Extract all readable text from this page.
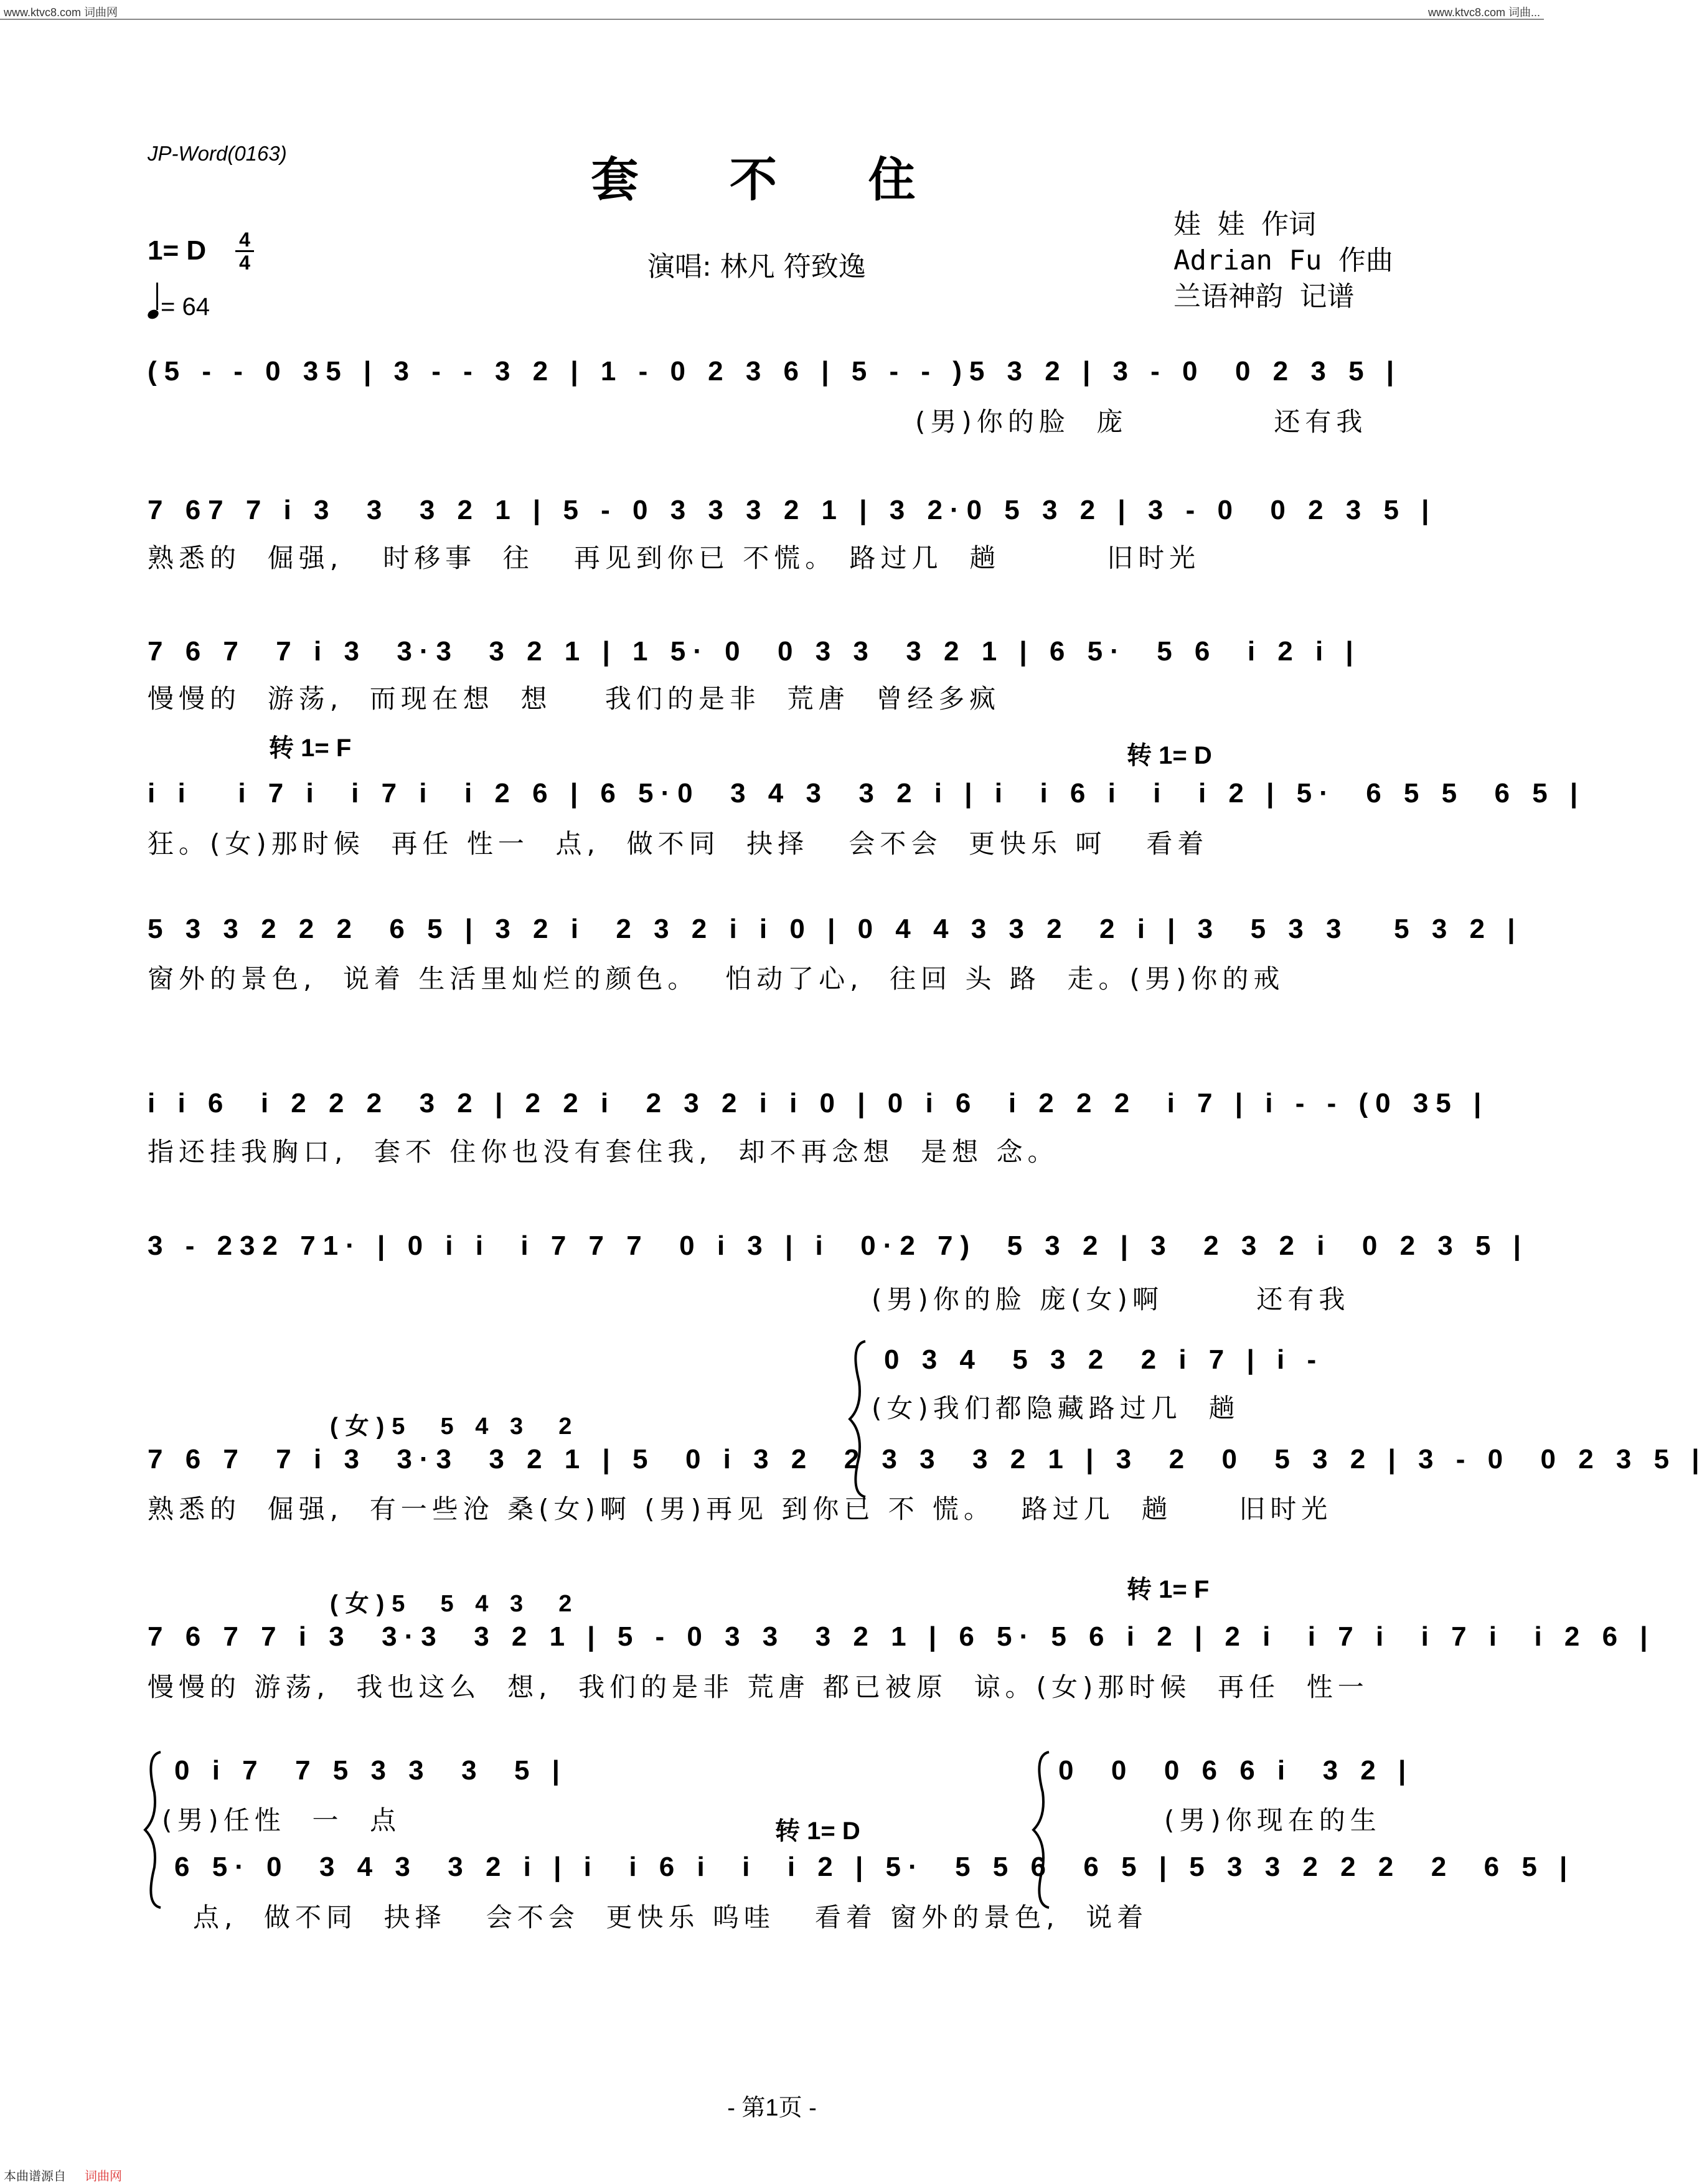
www.ktvc8.com 词曲网	www.ktvc8.com 词曲...
JP-Word(0163)	套 不 住
1= D 4
4
= 64
演唱: 林凡 符致逸
娃 娃 作词
Adrian Fu 作曲
兰语神韵 记谱
(5 - - 0 35 | 3 - - 3 2 | 1 - 0 2 3 6 | 5 - - )5 3 2 | 3 - 0  0 2 3 5 |
(男)你的脸  庞           还有我
7 67 7 i 3  3  3 2 1 | 5 - 0 3 3 3 2 1 | 3 2·0 5 3 2 | 3 - 0  0 2 3 5 |
熟悉的  倔强,   时移事  往   再见到你已 不慌。 路过几  趟        旧时光
7 6 7  7 i 3  3·3  3 2 1 | 1 5· 0  0 3 3  3 2 1 | 6 5·  5 6  i 2 i |
慢慢的  游荡,  而现在想  想    我们的是非  荒唐  曾经多疯
转 1= F	转 1= D
i i   i 7 i  i 7 i  i 2 6 | 6 5·0  3 4 3  3 2 i | i  i 6 i  i  i 2 | 5·  6 5 5  6 5 |
狂。(女)那时候  再任 性一  点,  做不同  抉择   会不会  更快乐 呵   看着
5 3 3 2 2 2  6 5 | 3 2 i  2 3 2 i i 0 | 0 4 4 3 3 2  2 i | 3  5 3 3   5 3 2 |
窗外的景色,  说着 生活里灿烂的颜色。  怕动了心,  往回 头 路  走。(男)你的戒
i i 6  i 2 2 2  3 2 | 2 2 i  2 3 2 i i 0 | 0 i 6  i 2 2 2  i 7 | i - - (0 35 |
指还挂我胸口,  套不 住你也没有套住我,  却不再念想  是想 念。
3 - 232 71· | 0 i i  i 7 7 7  0 i 3 | i  0·2 7)  5 3 2 | 3  2 3 2 i  0 2 3 5 |
(男)你的脸 庞(女)啊       还有我
(女)5  5 4 3  2
0 3 4  5 3 2  2 i 7 | i -
(女)我们都隐藏路过几  趟
7 6 7  7 i 3  3·3  3 2 1 | 5  0 i 3 2  2 3 3  3 2 1 | 3  2  0  5 3 2 | 3 - 0  0 2 3 5 |
熟悉的  倔强,  有一些沧 桑(女)啊 (男)再见 到你已 不 慌。  路过几  趟     旧时光
转 1= F
(女)5  5 4 3  2
7 6 7 7 i 3  3·3  3 2 1 | 5 - 0 3 3  3 2 1 | 6 5· 5 6 i 2 | 2 i  i 7 i  i 7 i  i 2 6 |
慢慢的 游荡,  我也这么  想,  我们的是非 荒唐 都已被原  谅。(女)那时候  再任  性一
0 i 7  7 5 3 3  3  5 |
(男)任性  一  点
0  0  0 6 6 i  3 2 |
(男)你现在的生
转 1= D
6 5· 0  3 4 3  3 2 i | i  i 6 i  i  i 2 | 5·  5 5 6  6 5 | 5 3 3 2 2 2  2  6 5 |
点,  做不同  抉择   会不会  更快乐 呜哇   看着 窗外的景色,  说着
- 第1页 -
本曲谱源自 词曲网
